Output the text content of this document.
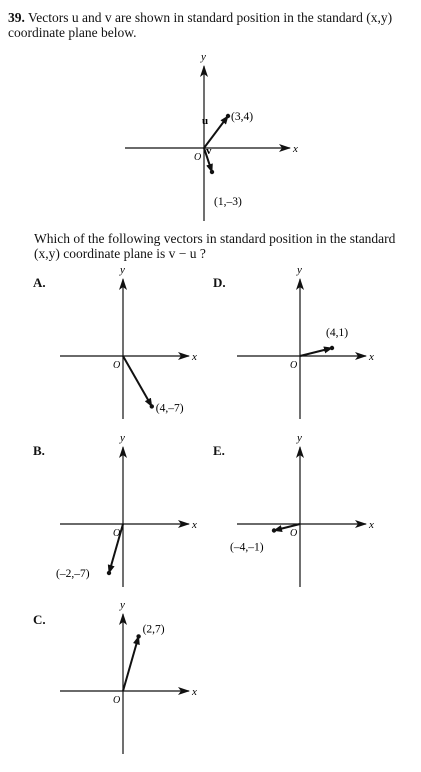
39. Vectors u and v are shown in standard position in the standard (x,y) coordinate plane below.
Which of the following vectors in standard position in the standard (x,y) coordinate plane is v − u ?
A.
B.
C.
D.
E.
x
y
O
(3,4)
u
(1,–3)
v
x
y
O
(4,–7)
x
y
O
(–2,–7)
x
y
O
(2,7)
x
y
O
(4,1)
x
y
O
(–4,–1)
